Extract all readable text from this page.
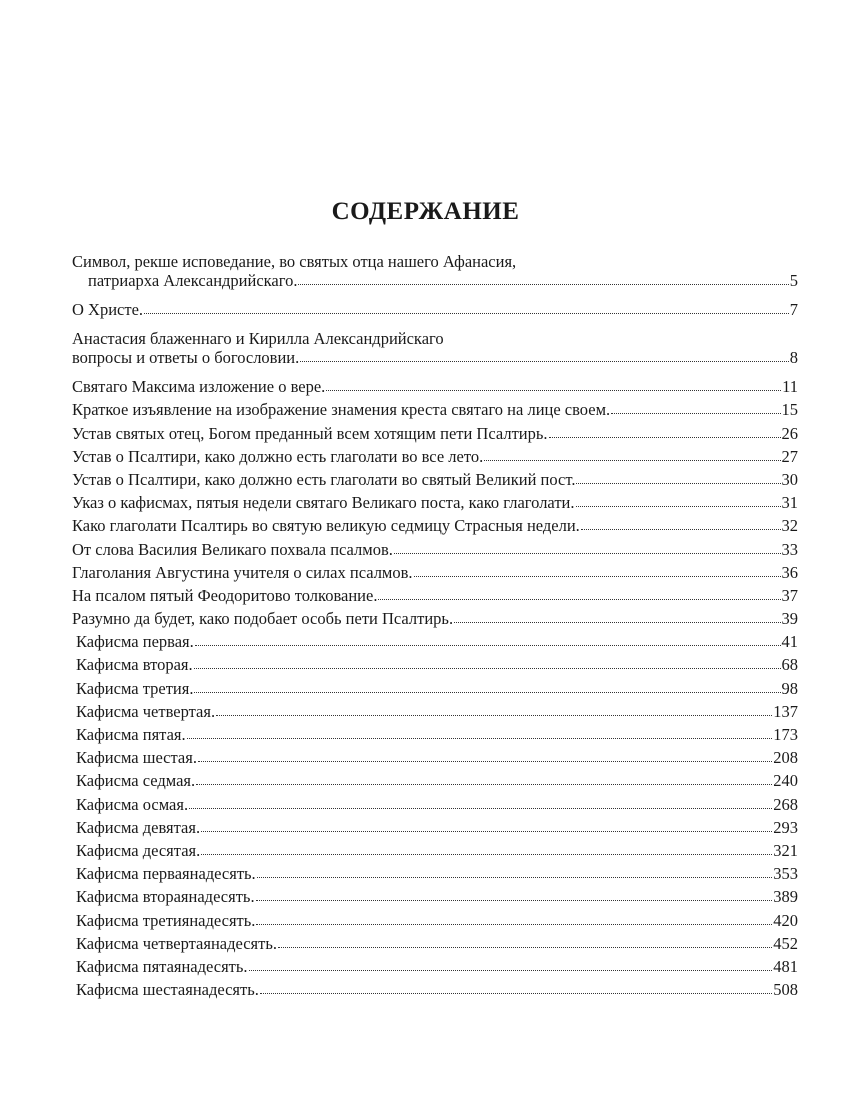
СОДЕРЖАНИЕ
Символ, рекше исповедание, во святых отца нашего Афанасия,
патриарха Александрийскаго.	5
О Христе.	7
Анастасия блаженнаго и Кирилла Александрийскаго
вопросы и ответы о богословии.	8
Святаго Максима изложение о вере.	11
Краткое изъявление на изображение знамения креста святаго на лице своем.	15
Устав святых отец, Богом преданный всем хотящим пети Псалтирь.	26
Устав о Псалтири, како должно есть глаголати во все лето.	27
Устав о Псалтири, како должно есть глаголати во святый Великий пост.	30
Указ о кафисмах, пятыя недели святаго Великаго поста, како глаголати.	31
Како глаголати Псалтирь во святую великую седмицу Страсныя недели.	32
От слова Василия Великаго похвала псалмов.	33
Глаголания Августина учителя о силах псалмов.	36
На псалом пятый Феодоритово толкование.	37
Разумно да будет, како подобает особь пети Псалтирь.	39
Кафисма первая.	41
Кафисма вторая.	68
Кафисма третия.	98
Кафисма четвертая.	137
Кафисма пятая.	173
Кафисма шестая.	208
Кафисма седмая.	240
Кафисма осмая.	268
Кафисма девятая.	293
Кафисма десятая.	321
Кафисма перваянадесять.	353
Кафисма втораянадесять.	389
Кафисма третиянадесять.	420
Кафисма четвертаянадесять.	452
Кафисма пятаянадесять.	481
Кафисма шестаянадесять.	508
